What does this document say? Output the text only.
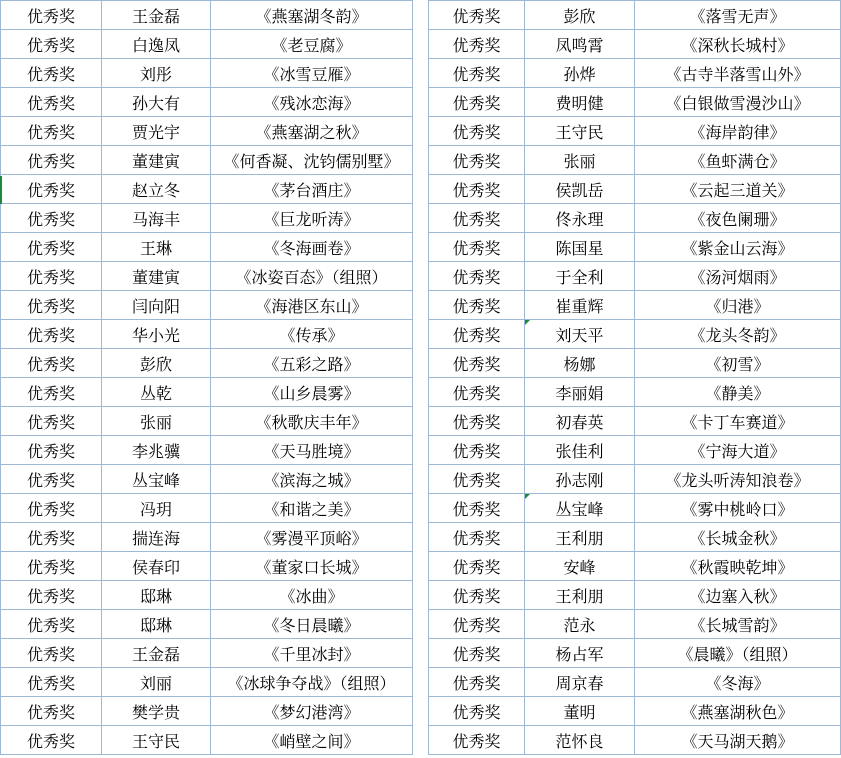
优秀奖	王金磊	《燕塞湖冬韵》
优秀奖	白逸凤	《老豆腐》
优秀奖	刘彤	《冰雪豆雁》
优秀奖	孙大有	《残冰恋海》
优秀奖	贾光宇	《燕塞湖之秋》
优秀奖	董建寅	《何香凝、沈钧儒别墅》
优秀奖	赵立冬	《茅台酒庄》
优秀奖	马海丰	《巨龙听涛》
优秀奖	王琳	《冬海画卷》
优秀奖	董建寅	《冰姿百态》（组照）
优秀奖	闫向阳	《海港区东山》
优秀奖	华小光	《传承》
优秀奖	彭欣	《五彩之路》
优秀奖	丛乾	《山乡晨雾》
优秀奖	张丽	《秋歌庆丰年》
优秀奖	李兆骥	《天马胜境》
优秀奖	丛宝峰	《滨海之城》
优秀奖	冯玥	《和谐之美》
优秀奖	揣连海	《雾漫平顶峪》
优秀奖	侯春印	《董家口长城》
优秀奖	邸琳	《冰曲》
优秀奖	邸琳	《冬日晨曦》
优秀奖	王金磊	《千里冰封》
优秀奖	刘丽	《冰球争夺战》（组照）
优秀奖	樊学贵	《梦幻港湾》
优秀奖	王守民	《峭壁之间》
优秀奖	彭欣	《落雪无声》
优秀奖	凤鸣霄	《深秋长城村》
优秀奖	孙烨	《古寺半落雪山外》
优秀奖	费明健	《白银做雪漫沙山》
优秀奖	王守民	《海岸韵律》
优秀奖	张丽	《鱼虾满仓》
优秀奖	侯凯岳	《云起三道关》
优秀奖	佟永理	《夜色阑珊》
优秀奖	陈国星	《紫金山云海》
优秀奖	于全利	《汤河烟雨》
优秀奖	崔重辉	《归港》
优秀奖	刘天平	《龙头冬韵》
优秀奖	杨娜	《初雪》
优秀奖	李丽娟	《静美》
优秀奖	初春英	《卡丁车赛道》
优秀奖	张佳利	《宁海大道》
优秀奖	孙志刚	《龙头听涛知浪卷》
优秀奖	丛宝峰	《雾中桃岭口》
优秀奖	王利朋	《长城金秋》
优秀奖	安峰	《秋霞映乾坤》
优秀奖	王利朋	《边塞入秋》
优秀奖	范永	《长城雪韵》
优秀奖	杨占军	《晨曦》（组照）
优秀奖	周京春	《冬海》
优秀奖	董明	《燕塞湖秋色》
优秀奖	范怀良	《天马湖天鹅》
